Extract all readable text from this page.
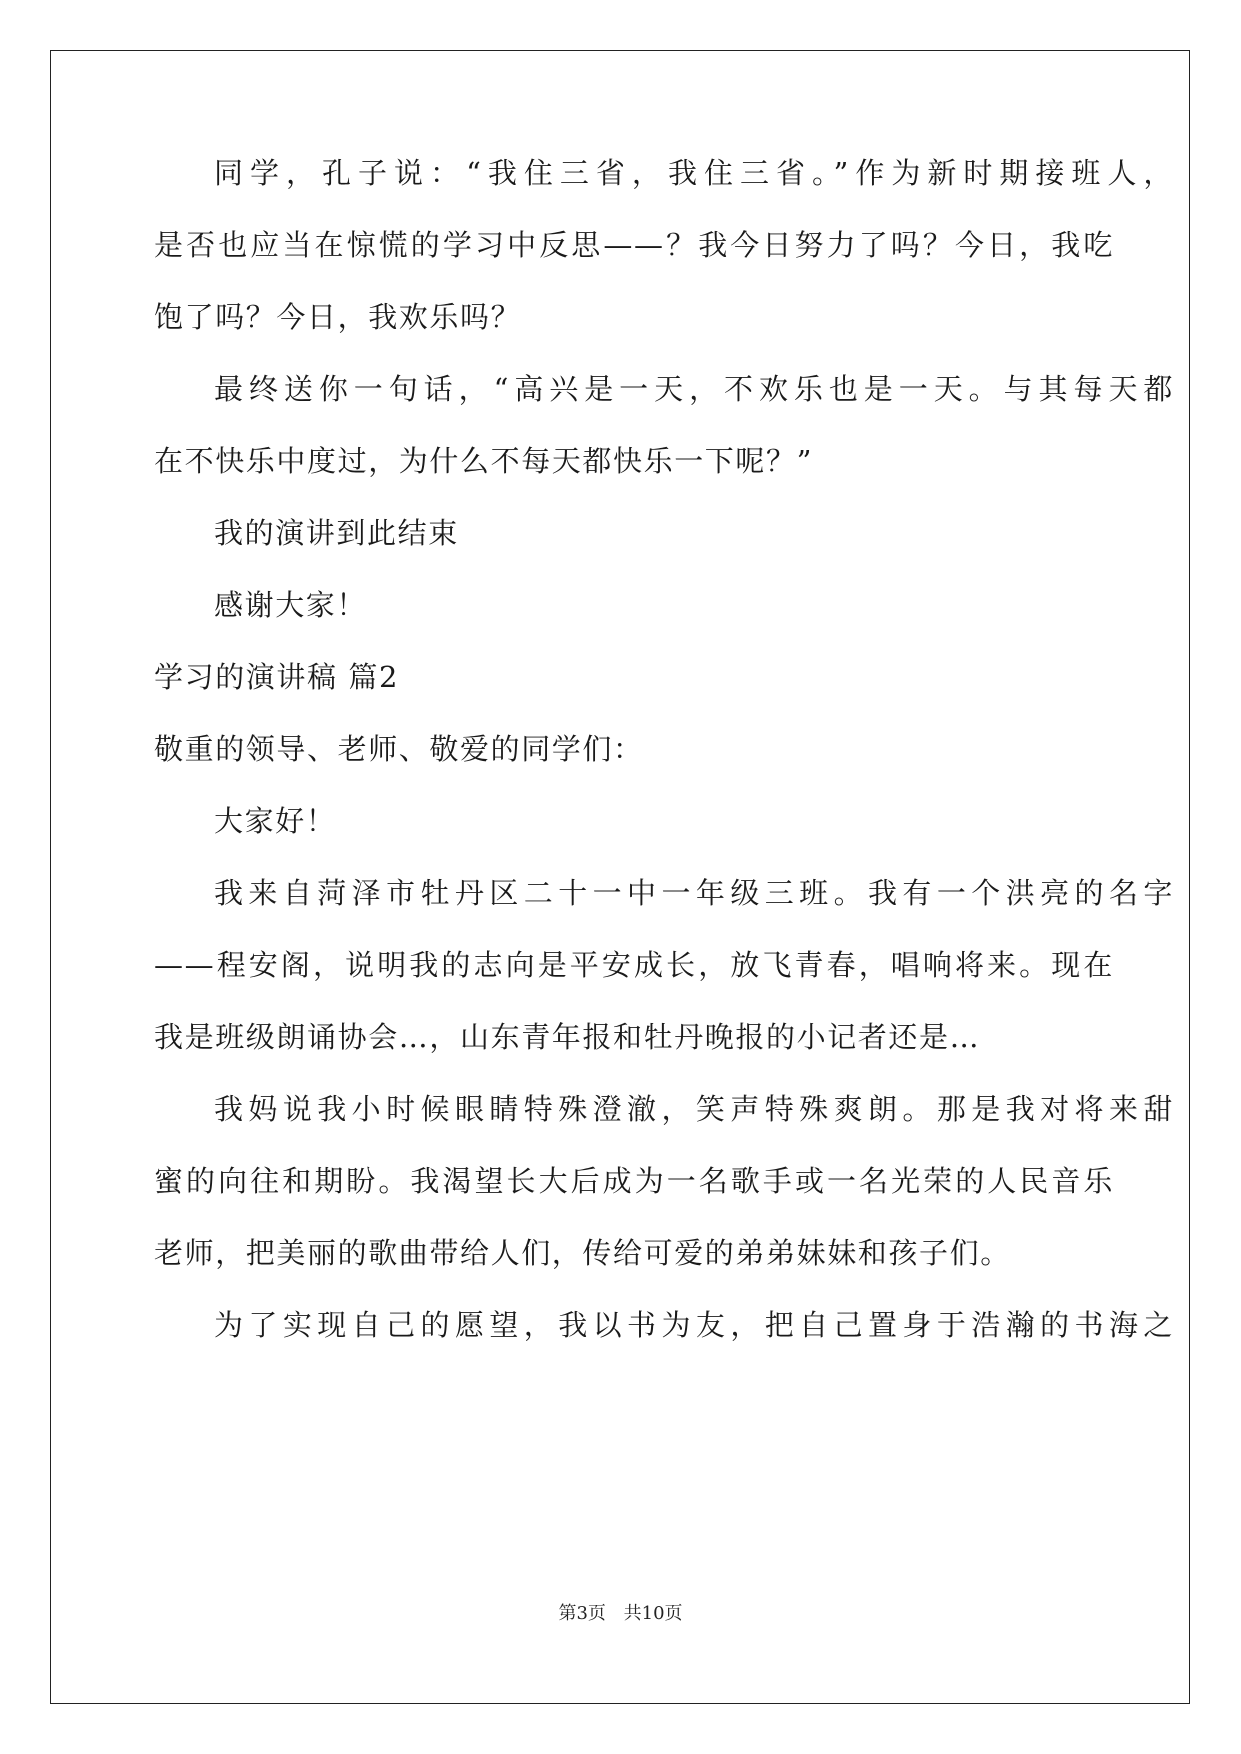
同学，孔子说：“我住三省，我住三省。”作为新时期接班人，
是否也应当在惊慌的学习中反思——？我今日努力了吗？今日，我吃
饱了吗？今日，我欢乐吗？
最终送你一句话，“高兴是一天，不欢乐也是一天。与其每天都
在不快乐中度过，为什么不每天都快乐一下呢？”
我的演讲到此结束
感谢大家！
学习的演讲稿 篇2
敬重的领导、老师、敬爱的同学们：
大家好！
我来自菏泽市牡丹区二十一中一年级三班。我有一个洪亮的名字
——程安阁，说明我的志向是平安成长，放飞青春，唱响将来。现在
我是班级朗诵协会…，山东青年报和牡丹晚报的小记者还是…
我妈说我小时候眼睛特殊澄澈，笑声特殊爽朗。那是我对将来甜
蜜的向往和期盼。我渴望长大后成为一名歌手或一名光荣的人民音乐
老师，把美丽的歌曲带给人们，传给可爱的弟弟妹妹和孩子们。
为了实现自己的愿望，我以书为友，把自己置身于浩瀚的书海之
第3页 共10页
